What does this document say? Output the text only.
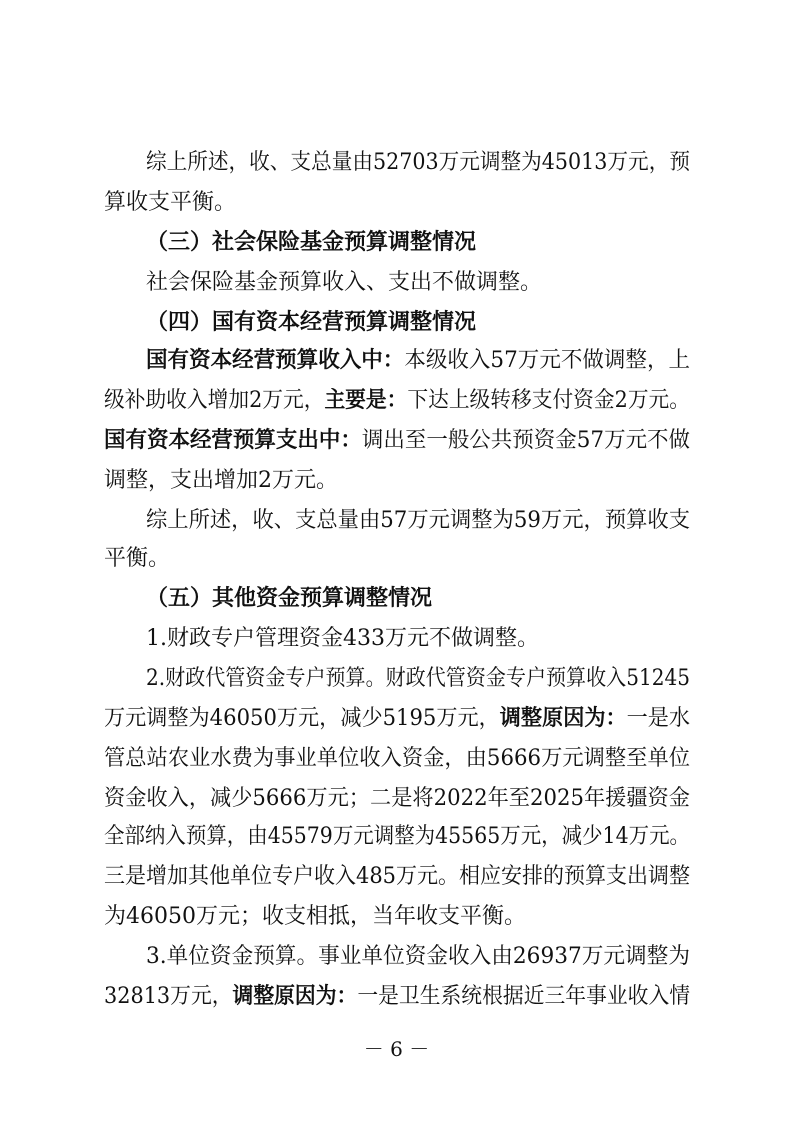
综上所述，收、支总量由52703万元调整为45013万元，预
算收支平衡。
（三）社会保险基金预算调整情况
社会保险基金预算收入、支出不做调整。
（四）国有资本经营预算调整情况
国有资本经营预算收入中：本级收入57万元不做调整，上
级补助收入增加2万元，主要是：下达上级转移支付资金2万元。
国有资本经营预算支出中：调出至一般公共预资金57万元不做
调整，支出增加2万元。
综上所述，收、支总量由57万元调整为59万元，预算收支
平衡。
（五）其他资金预算调整情况
1.财政专户管理资金433万元不做调整。
2.财政代管资金专户预算。财政代管资金专户预算收入51245
万元调整为46050万元，减少5195万元，调整原因为：一是水
管总站农业水费为事业单位收入资金，由5666万元调整至单位
资金收入，减少5666万元；二是将2022年至2025年援疆资金
全部纳入预算，由45579万元调整为45565万元，减少14万元。
三是增加其他单位专户收入485万元。相应安排的预算支出调整
为46050万元；收支相抵，当年收支平衡。
3.单位资金预算。事业单位资金收入由26937万元调整为
32813万元，调整原因为：一是卫生系统根据近三年事业收入情
－ 6 －
